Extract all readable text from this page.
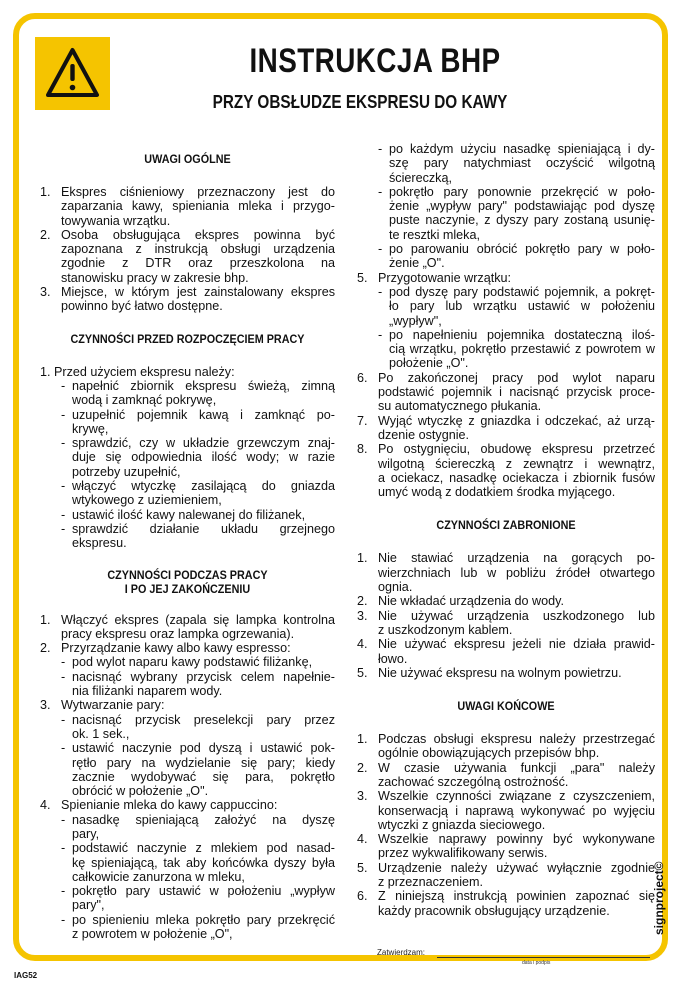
INSTRUKCJA BHP
PRZY OBSŁUDZE EKSPRESU DO KAWY
UWAGI OGÓLNE
1. Ekspres ciśnieniowy przeznaczony jest do
zaparzania kawy, spieniania mleka i przygo-
towywania wrzątku.
2. Osoba obsługująca ekspres powinna być
zapoznana z instrukcją obsługi urządzenia
zgodnie z DTR oraz przeszkolona na
stanowisku pracy w zakresie bhp.
3. Miejsce, w którym jest zainstalowany ekspres
powinno być łatwo dostępne.
CZYNNOŚCI PRZED ROZPOCZĘCIEM PRACY
1. Przed użyciem ekspresu należy:
- napełnić zbiornik ekspresu świeżą, zimną
wodą i zamknąć pokrywę,
- uzupełnić pojemnik kawą i zamknąć po-
krywę,
- sprawdzić, czy w układzie grzewczym znaj-
duje się odpowiednia ilość wody; w razie
potrzeby uzupełnić,
- włączyć wtyczkę zasilającą do gniazda
wtykowego z uziemieniem,
- ustawić ilość kawy nalewanej do filiżanek,
- sprawdzić działanie układu grzejnego
ekspresu.
CZYNNOŚCI PODCZAS PRACY
I PO JEJ ZAKOŃCZENIU
1. Włączyć ekspres (zapala się lampka kontrolna
pracy ekspresu oraz lampka ogrzewania).
2. Przyrządzanie kawy albo kawy espresso:
- pod wylot naparu kawy podstawić filiżankę,
- nacisnąć wybrany przycisk celem napełnie-
nia filiżanki naparem wody.
3. Wytwarzanie pary:
- nacisnąć przycisk preselekcji pary przez
ok. 1 sek.,
- ustawić naczynie pod dyszą i ustawić pok-
rętło pary na wydzielanie się pary; kiedy
zacznie wydobywać się para, pokrętło
obrócić w położenie „O".
4. Spienianie mleka do kawy cappuccino:
- nasadkę spieniającą założyć na dyszę
pary,
- podstawić naczynie z mlekiem pod nasad-
kę spieniającą, tak aby końcówka dyszy była
całkowicie zanurzona w mleku,
- pokrętło pary ustawić w położeniu „wypływ
pary",
- po spienieniu mleka pokrętło pary przekręcić
z powrotem w położenie „O",
- po każdym użyciu nasadkę spieniającą i dy-
szę pary natychmiast oczyścić wilgotną
ściereczką,
- pokrętło pary ponownie przekręcić w poło-
żenie „wypływ pary" podstawiając pod dyszę
puste naczynie, z dyszy pary zostaną usunię-
te resztki mleka,
- po parowaniu obrócić pokrętło pary w poło-
żenie „O".
5. Przygotowanie wrzątku:
- pod dyszę pary podstawić pojemnik, a pokręt-
ło pary lub wrzątku ustawić w położeniu
„wypływ",
- po napełnieniu pojemnika dostateczną iloś-
cią wrzątku, pokrętło przestawić z powrotem w
położenie „O".
6. Po zakończonej pracy pod wylot naparu
podstawić pojemnik i nacisnąć przycisk proce-
su automatycznego płukania.
7. Wyjąć wtyczkę z gniazdka i odczekać, aż urzą-
dzenie ostygnie.
8. Po ostygnięciu, obudowę ekspresu przetrzeć
wilgotną ściereczką z zewnątrz i wewnątrz,
a ociekacz, nasadkę ociekacza i zbiornik fusów
umyć wodą z dodatkiem środka myjącego.
CZYNNOŚCI ZABRONIONE
1. Nie stawiać urządzenia na gorących po-
wierzchniach lub w pobliżu źródeł otwartego
ognia.
2. Nie wkładać urządzenia do wody.
3. Nie używać urządzenia uszkodzonego lub
z uszkodzonym kablem.
4. Nie używać ekspresu jeżeli nie działa prawid-
łowo.
5. Nie używać ekspresu na wolnym powietrzu.
UWAGI KOŃCOWE
1. Podczas obsługi ekspresu należy przestrzegać
ogólnie obowiązujących przepisów bhp.
2. W czasie używania funkcji „para" należy
zachować szczególną ostrożność.
3. Wszelkie czynności związane z czyszczeniem,
konserwacją i naprawą wykonywać po wyjęciu
wtyczki z gniazda sieciowego.
4. Wszelkie naprawy powinny być wykonywane
przez wykwalifikowany serwis.
5. Urządzenie należy używać wyłącznie zgodnie
z przeznaczeniem.
6. Z niniejszą instrukcją powinien zapoznać się
każdy pracownik obsługujący urządzenie.
Zatwierdzam:
data i podpis
IAG52
signproject©
